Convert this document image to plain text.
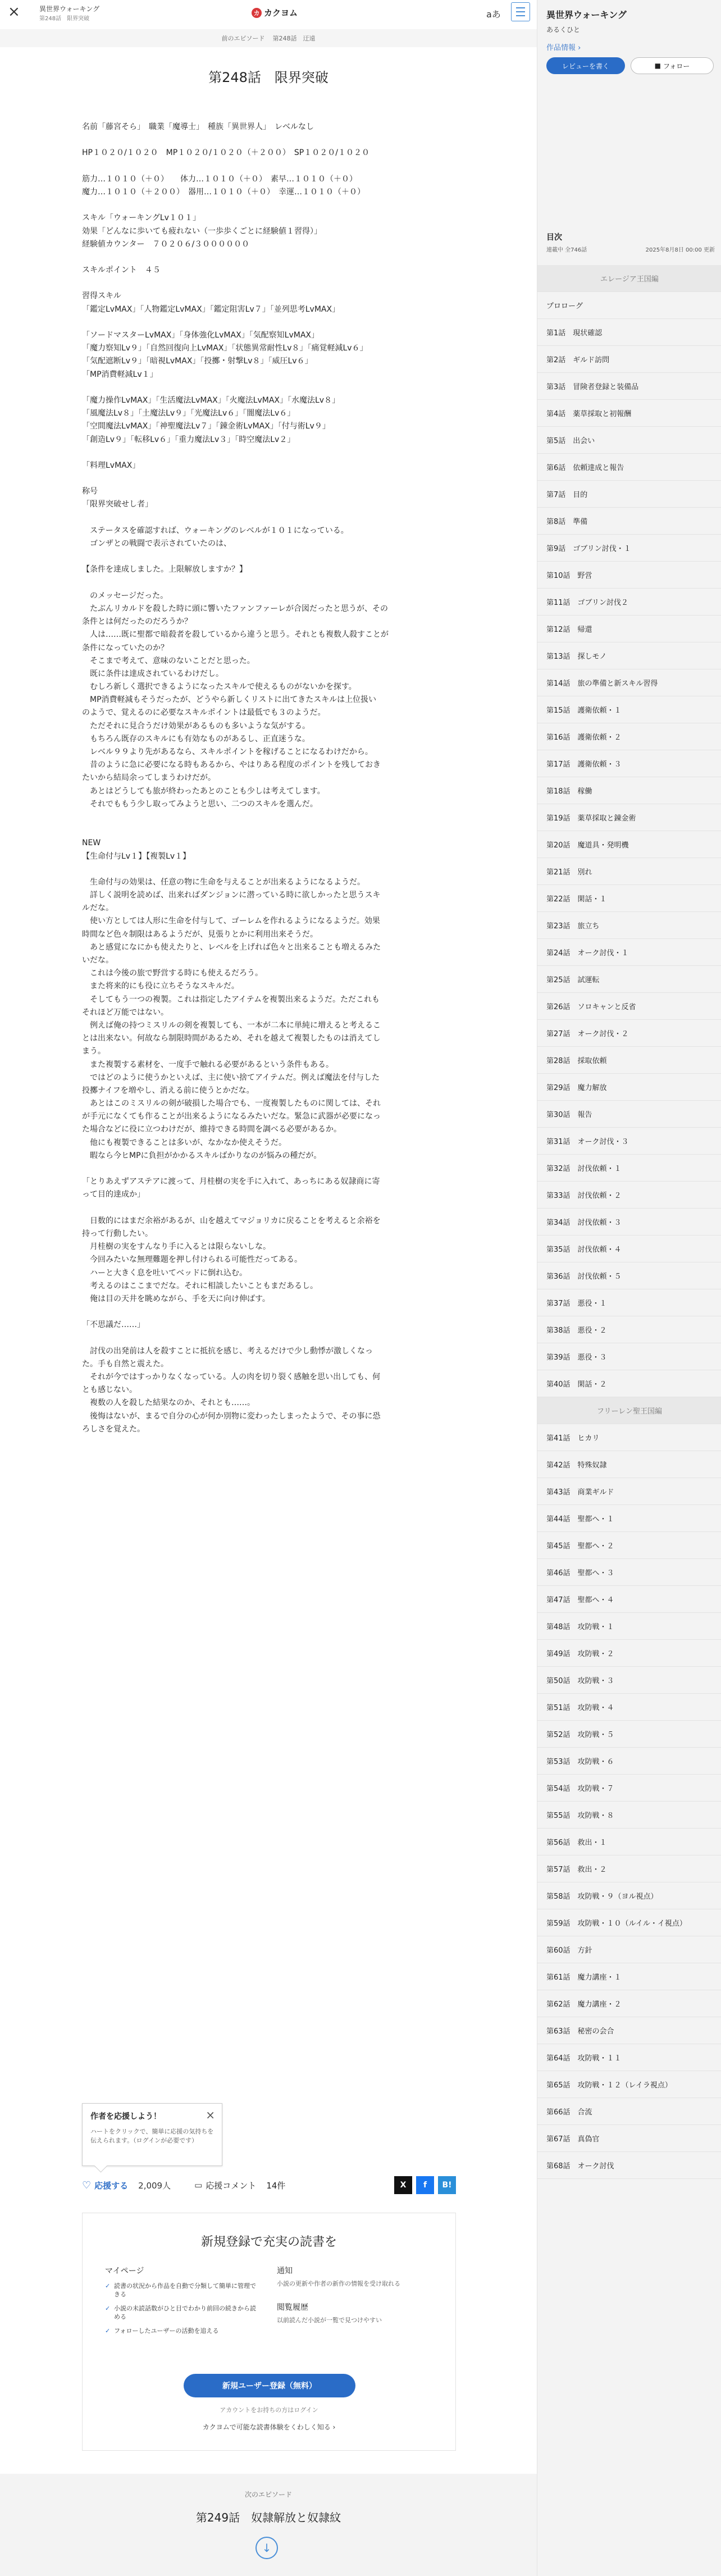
×	異世界ウォーキング
第248話　限界突破
カ カクヨム	aあ
前のエピソード 第248話　迂遠
第248話　限界突破

名前「藤宮そら」　職業「魔導士」　種族「異世界人」　レベルなし

HP１０２０/１０２０　MP１０２０/１０２０（＋２００）　SP１０２０/１０２０

筋力…１０１０（＋０）　　体力…１０１０（＋０）　素早…１０１０（＋０）

魔力…１０１０（＋２００）　器用…１０１０（＋０）　幸運…１０１０（＋０）

スキル「ウォーキングLv１０１」

効果「どんなに歩いても疲れない（一歩歩くごとに経験値１習得）」

経験値カウンター　７０２０６/３００００００

スキルポイント　４５

習得スキル

「鑑定LvMAX」「人物鑑定LvMAX」「鑑定阻害Lv７」「並列思考LvMAX」

「ソードマスターLvMAX」「身体強化LvMAX」「気配察知LvMAX」

「魔力察知Lv９」「自然回復向上LvMAX」「状態異常耐性Lv８」「痛覚軽減Lv６」

「気配遮断Lv９」「暗視LvMAX」「投擲・射撃Lv８」「威圧Lv６」

「MP消費軽減Lv１」

「魔力操作LvMAX」「生活魔法LvMAX」「火魔法LvMAX」「水魔法Lv８」

「風魔法Lv８」「土魔法Lv９」「光魔法Lv６」「闇魔法Lv６」

「空間魔法LvMAX」「神聖魔法Lv７」「錬金術LvMAX」「付与術Lv９」

「創造Lv９」「転移Lv６」「重力魔法Lv３」「時空魔法Lv２」

「料理LvMAX」

称号

「限界突破せし者」

　ステータスを確認すれば、ウォーキングのレベルが１０１になっている。

　ゴンザとの戦闘で表示されていたのは、

【条件を達成しました。上限解放しますか？】

　のメッセージだった。

　たぶんリカルドを殺した時に頭に響いたファンファーレが合図だったと思うが、その

条件とは何だったのだろうか？

　人は……既に聖都で暗殺者を殺しているから違うと思う。それとも複数人殺すことが

条件になっていたのか？

　そこまで考えて、意味のないことだと思った。

　既に条件は達成されているわけだし。

　むしろ新しく選択できるようになったスキルで使えるものがないかを探す。

　MP消費軽減もそうだったが、どうやら新しくリストに出てきたスキルは上位扱い

のようで、覚えるのに必要なスキルポイントは最低でも３のようだ。

　ただそれに見合うだけ効果があるものも多いような気がする。

　もちろん既存のスキルにも有効なものがあるし、正直迷うな。

　レベル９９より先があるなら、スキルポイントを稼げることになるわけだから。

　昔のように急に必要になる時もあるから、やはりある程度のポイントを残しておき

たいから結局余ってしまうわけだが。

　あとはどうしても旅が終わったあとのことも少しは考えてします。

　それでももう少し取ってみようと思い、二つのスキルを選んだ。

NEW

【生命付与Lv１】【複製Lv１】

　生命付与の効果は、任意の物に生命を与えることが出来るようになるようだ。

　詳しく説明を読めば、出来ればダンジョンに潜っている時に欲しかったと思うスキ

ルだな。

　使い方としては人形に生命を付与して、ゴーレムを作れるようになるようだ。効果

時間など色々制限はあるようだが、見張りとかに利用出来そうだ。

　あと感覚になにかも使えたりと、レベルを上げれば色々と出来ることも増えるみた

いだな。

　これは今後の旅で野営する時にも使えるだろう。

　また将来的にも役に立ちそうなスキルだ。

　そしてもう一つの複製。これは指定したアイテムを複製出来るようだ。ただこれも

それほど万能ではない。

　例えば俺の持つミスリルの剣を複製しても、一本が二本に単純に増えると考えるこ

とは出来ない。何故なら制限時間があるため、それを越えて複製したものは消えてし

まう。

　また複製する素材を、一度手で触れる必要があるという条件もある。

　ではどのように使うかといえば、主に使い捨てアイテムだ。例えば魔法を付与した

投擲ナイフを増やし、消える前に使うとかだな。

　あとはこのミスリルの剣が破損した場合でも、一度複製したものに関しては、それ

が手元になくても作ることが出来るようになるみたいだな。緊急に武器が必要になっ

た場合などに役に立つわけだが、維持できる時間を調べる必要があるか。

　他にも複製できることは多いが、なかなか使えそうだ。

　暇なら今ヒMPに負担がかかるスキルばかりなのが悩みの種だが。

「とりあえずアステアに渡って、月桂樹の実を手に入れて、あっちにある奴隷商に寄

って目的達成か」

　日数的にはまだ余裕があるが、山を越えてマジョリカに戻ることを考えると余裕を

持って行動したい。

　月桂樹の実をすんなり手に入るとは限らないしな。

　今回みたいな無理難題を押し付けられる可能性だってある。

　ハーと大きく息を吐いてベッドに倒れ込む。

　考えるのはここまでだな。それに相談したいこともまだあるし。

　俺は目の天井を眺めながら、手を天に向け伸ばす。

「不思議だ……」

　討伐の出発前は人を殺すことに抵抗を感じ、考えるだけで少し動悸が激しくなっ

た。手も自然と震えた。

　それが今ではすっかりなくなっている。人の肉を切り裂く感触を思い出しても、何

とも感じない。

　複数の人を殺した結果なのか、それとも……。

　後悔はないが、まるで自分の心が何か別物に変わったしまったようで、その事に恐

ろしさを覚えた。

作者を応援しよう！
ハートをクリックで、簡単に応援の気持ちを伝えられます。（ログインが必要です）
×
♡ 応援する 2,009人	▭ 応援コメント 14件	X	f	B!
新規登録で充実の読書を
マイページ
✓ 読書の状況から作品を自動で分類して簡単に管理できる
✓ 小説の未読話数がひと目でわかり前回の続きから読める
✓ フォローしたユーザーの活動を追える
通知
小説の更新や作者の新作の情報を受け取れる
閲覧履歴
以前読んだ小説が一覧で見つけやすい
新規ユーザー登録（無料）
アカウントをお持ちの方はログイン
カクヨムで可能な読書体験をくわしく知る ›
次のエピソード
第249話　奴隷解放と奴隷紋
↓
異世界ウォーキング
あるくひと
作品情報 ›
レビューを書く	■ フォロー
目次
連載中 全746話	2025年8月8日 00:00 更新
エレージア王国編
プロローグ
第1話　現状確認
第2話　ギルド訪問
第3話　冒険者登録と装備品
第4話　薬草採取と初報酬
第5話　出会い
第6話　依頼達成と報告
第7話　目的
第8話　準備
第9話　ゴブリン討伐・１
第10話　野営
第11話　ゴブリン討伐２
第12話　帰還
第13話　探しモノ
第14話　旅の準備と新スキル習得
第15話　護衛依頼・１
第16話　護衛依頼・２
第17話　護衛依頼・３
第18話　稼働
第19話　薬草採取と錬金術
第20話　魔道具・発明機
第21話　別れ
第22話　閑話・１
第23話　旅立ち
第24話　オーク討伐・１
第25話　試運転
第26話　ソロキャンと反省
第27話　オーク討伐・２
第28話　採取依頼
第29話　魔力解放
第30話　報告
第31話　オーク討伐・３
第32話　討伐依頼・１
第33話　討伐依頼・２
第34話　討伐依頼・３
第35話　討伐依頼・４
第36話　討伐依頼・５
第37話　悪役・１
第38話　悪役・２
第39話　悪役・３
第40話　閑話・２
フリーレン聖王国編
第41話　ヒカリ
第42話　特殊奴隷
第43話　商業ギルド
第44話　聖都へ・１
第45話　聖都へ・２
第46話　聖都へ・３
第47話　聖都へ・４
第48話　攻防戦・１
第49話　攻防戦・２
第50話　攻防戦・３
第51話　攻防戦・４
第52話　攻防戦・５
第53話　攻防戦・６
第54話　攻防戦・７
第55話　攻防戦・８
第56話　救出・１
第57話　救出・２
第58話　攻防戦・９（ヨル視点）
第59話　攻防戦・１０（ルイル・イ視点）
第60話　方針
第61話　魔力講座・１
第62話　魔力講座・２
第63話　秘密の会合
第64話　攻防戦・１１
第65話　攻防戦・１２（レイラ視点）
第66話　合流
第67話　真偽官
第68話　オーク討伐
